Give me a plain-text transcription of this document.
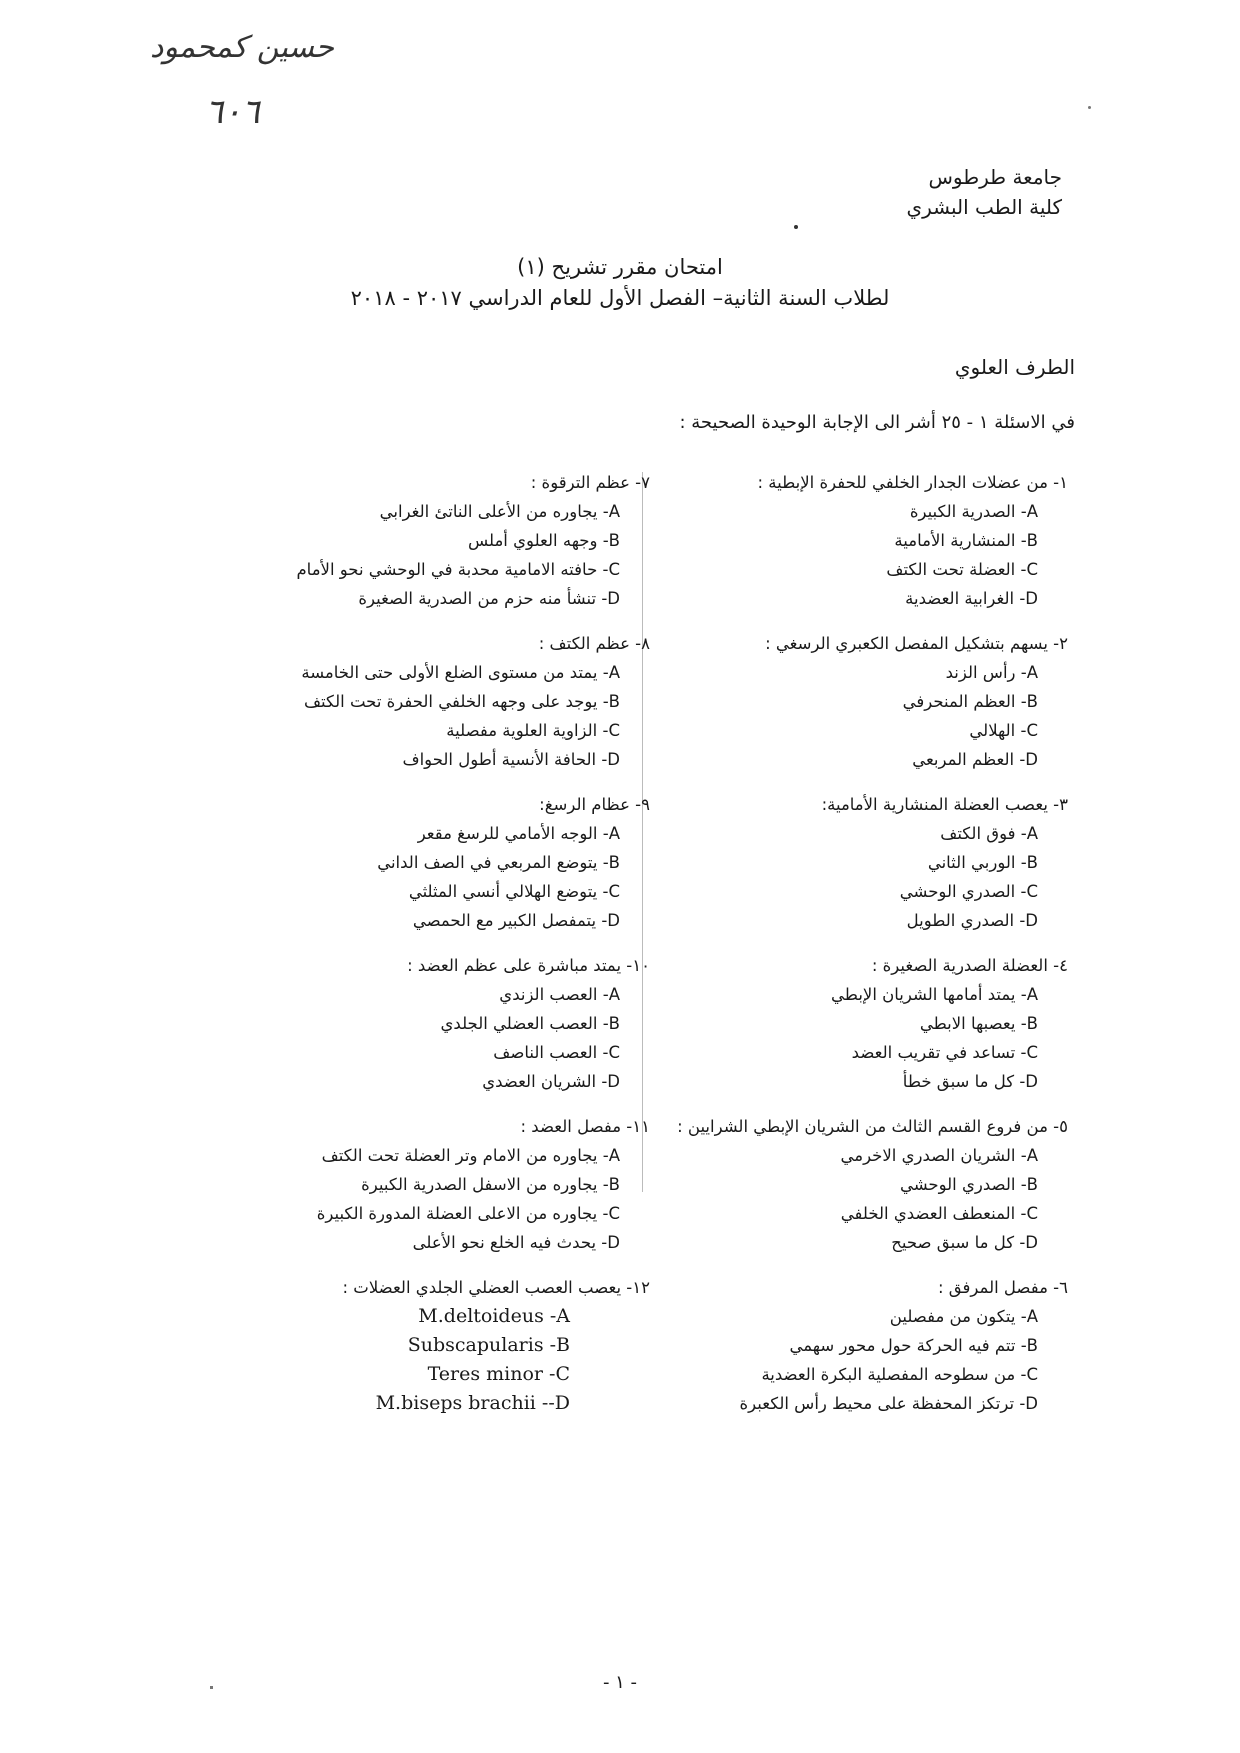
حسين كمحمود
٦٠٦
جامعة طرطوس
كلية الطب البشري
امتحان مقرر تشريح (١)
لطلاب السنة الثانية– الفصل الأول للعام الدراسي ٢٠١٧ - ٢٠١٨
الطرف العلوي
في الاسئلة ١ - ٢٥ أشر الى الإجابة الوحيدة الصحيحة :
١- من عضلات الجدار الخلفي للحفرة الإبطية :
A- الصدرية الكبيرة
B- المنشارية الأمامية
C- العضلة تحت الكتف
D- الغرابية العضدية
٢- يسهم بتشكيل المفصل الكعبري الرسغي :
A- رأس الزند
B- العظم المنحرفي
C- الهلالي
D- العظم المربعي
٣- يعصب العضلة المنشارية الأمامية:
A- فوق الكتف
B- الوربي الثاني
C- الصدري الوحشي
D- الصدري الطويل
٤- العضلة الصدرية الصغيرة :
A- يمتد أمامها الشريان الإبطي
B- يعصبها الابطي
C- تساعد في تقريب العضد
D- كل ما سبق خطأ
٥- من فروع القسم الثالث من الشريان الإبطي الشرايين :
A- الشريان الصدري الاخرمي
B- الصدري الوحشي
C- المنعطف العضدي الخلفي
D- كل ما سبق صحيح
٦- مفصل المرفق :
A- يتكون من مفصلين
B- تتم فيه الحركة حول محور سهمي
C- من سطوحه المفصلية البكرة العضدية
D- ترتكز المحفظة على محيط رأس الكعبرة
٧- عظم الترقوة :
A- يجاوره من الأعلى الناتئ الغرابي
B- وجهه العلوي أملس
C- حافته الامامية محدبة في الوحشي نحو الأمام
D- تنشأ منه حزم من الصدرية الصغيرة
٨- عظم الكتف :
A- يمتد من مستوى الضلع الأولى حتى الخامسة
B- يوجد على وجهه الخلفي الحفرة تحت الكتف
C- الزاوية العلوية مفصلية
D- الحافة الأنسية أطول الحواف
٩- عظام الرسغ:
A- الوجه الأمامي للرسغ مقعر
B- يتوضع المربعي في الصف الداني
C- يتوضع الهلالي أنسي المثلثي
D- يتمفصل الكبير مع الحمصي
١٠- يمتد مباشرة على عظم العضد :
A- العصب الزندي
B- العصب العضلي الجلدي
C- العصب الناصف
D- الشريان العضدي
١١- مفصل العضد :
A- يجاوره من الامام وتر العضلة تحت الكتف
B- يجاوره من الاسفل الصدرية الكبيرة
C- يجاوره من الاعلى العضلة المدورة الكبيرة
D- يحدث فيه الخلع نحو الأعلى
١٢- يعصب العصب العضلي الجلدي العضلات :
M.deltoideus -A
Subscapularis -B
Teres minor -C
M.biseps brachii --D
- ١ -
